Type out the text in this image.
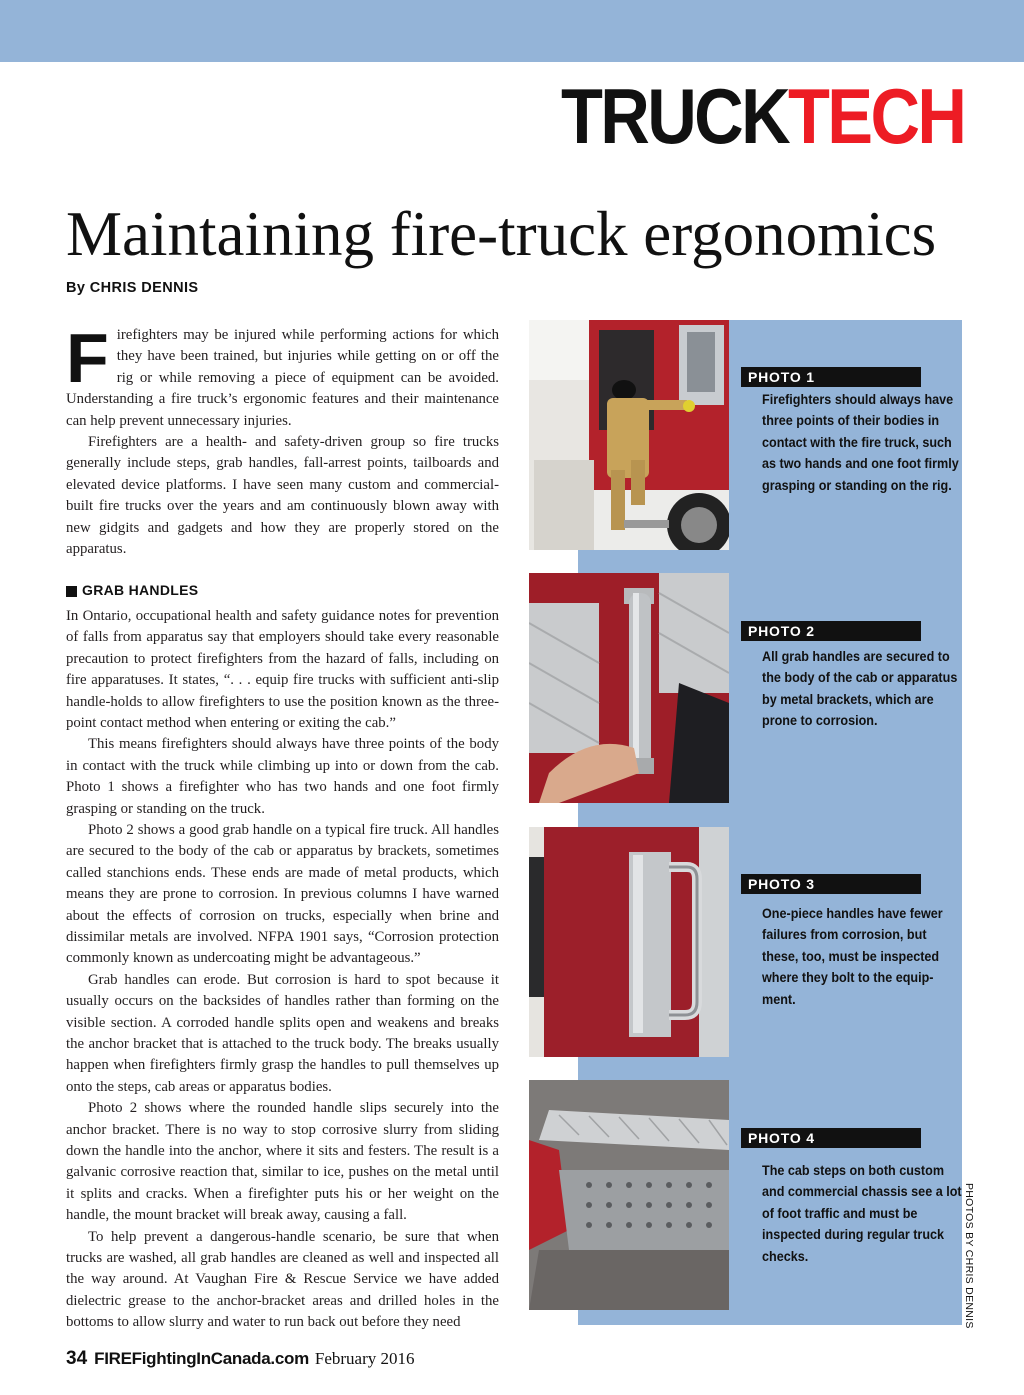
TRUCK TECH
Maintaining fire-truck ergonomics
By CHRIS DENNIS

Firefighters may be injured while performing actions for which they have been trained, but injuries while getting on or off the rig or while removing a piece of equipment can be avoided. Understanding a fire truck’s ergonomic features and their maintenance can help prevent unnecessary injuries.

Firefighters are a health- and safety-driven group so fire trucks generally include steps, grab handles, fall-arrest points, tailboards and elevated device platforms. I have seen many custom and commercial-built fire trucks over the years and am continuously blown away with new gidgits and gadgets and how they are properly stored on the apparatus.

GRAB HANDLES

In Ontario, occupational health and safety guidance notes for prevention of falls from apparatus say that employers should take every reasonable precaution to protect firefighters from the hazard of falls, including on fire apparatuses. It states, “. . . equip fire trucks with sufficient anti-slip handle-holds to allow firefighters to use the position known as the three-point contact method when entering or exiting the cab.”

This means firefighters should always have three points of the body in contact with the truck while climbing up into or down from the cab. Photo 1 shows a firefighter who has two hands and one foot firmly grasping or standing on the truck.

Photo 2 shows a good grab handle on a typical fire truck. All handles are secured to the body of the cab or apparatus by brackets, sometimes called stanchions ends. These ends are made of metal products, which means they are prone to corrosion. In previous columns I have warned about the effects of corrosion on trucks, especially when brine and dissimilar metals are involved. NFPA 1901 says, “Corrosion protection commonly known as undercoating might be advantageous.”

Grab handles can erode. But corrosion is hard to spot because it usually occurs on the backsides of handles rather than forming on the visible section. A corroded handle splits open and weakens and breaks the anchor bracket that is attached to the truck body. The breaks usually happen when firefighters firmly grasp the handles to pull themselves up onto the steps, cab areas or apparatus bodies.

Photo 2 shows where the rounded handle slips securely into the anchor bracket. There is no way to stop corrosive slurry from sliding down the handle into the anchor, where it sits and festers. The result is a galvanic corrosive reaction that, similar to ice, pushes on the metal until it splits and cracks. When a firefighter puts his or her weight on the handle, the mount bracket will break away, causing a fall.

To help prevent a dangerous-handle scenario, be sure that when trucks are washed, all grab handles are cleaned as well and inspected all the way around. At Vaughan Fire & Rescue Service we have added dielectric grease to the anchor-bracket areas and drilled holes in the bottoms to allow slurry and water to run back out before they need

PHOTO 1
Firefighters should always have three points of their bodies in contact with the fire truck, such as two hands and one foot firmly grasping or standing on the rig.
PHOTO 2
All grab handles are secured to the body of the cab or apparatus by metal brackets, which are prone to corrosion.
PHOTO 3
One-piece handles have fewer failures from corrosion, but these, too, must be inspected where they bolt to the equip-ment.
PHOTO 4
The cab steps on both custom and commercial chassis see a lot of foot traffic and must be inspected during regular truck checks.	PHOTOS BY CHRIS DENNIS
34 FIREFightingInCanada.com February 2016
